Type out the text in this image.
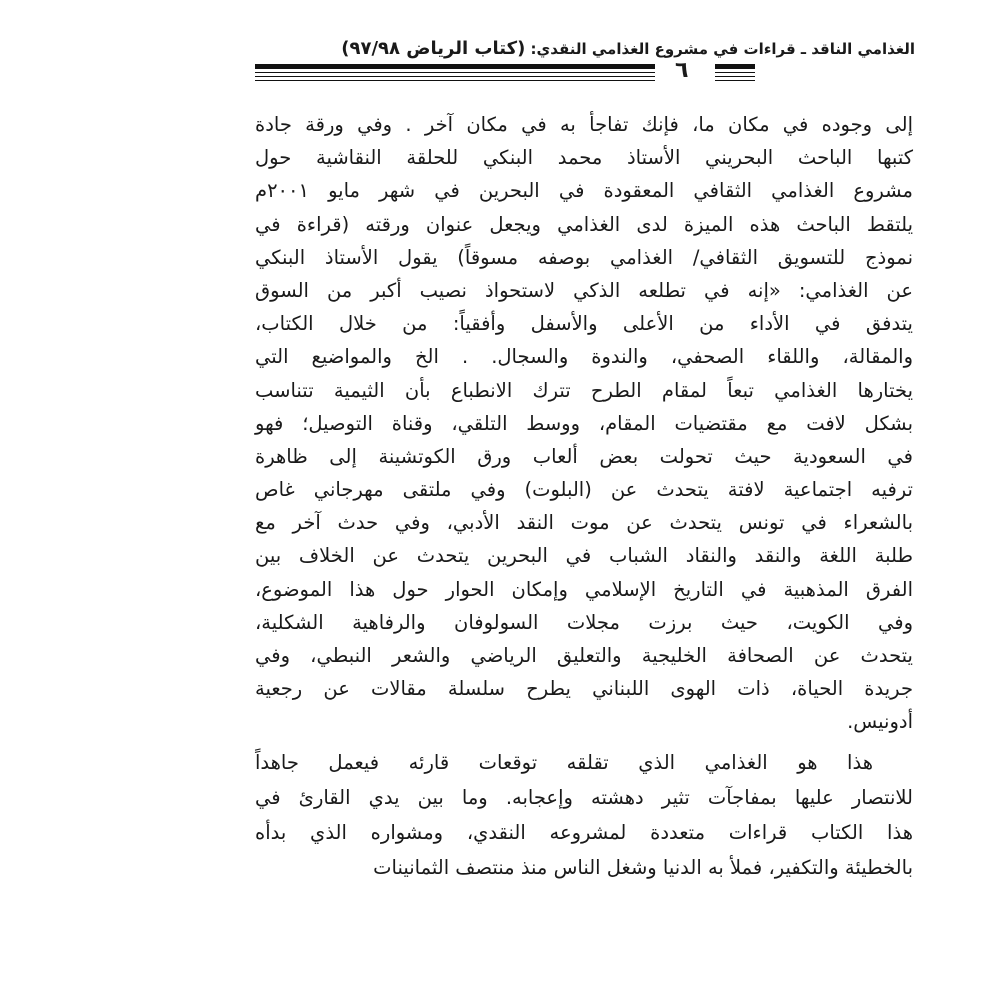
الغذامي الناقد ـ قراءات في مشروع الغذامي النقدي: (كتاب الرياض ٩٧/٩٨)
٦
إلى وجوده في مكان ما، فإنك تفاجأ به في مكان آخر . وفي ورقة جادة
كتبها الباحث البحريني الأستاذ محمد البنكي للحلقة النقاشية حول
مشروع الغذامي الثقافي المعقودة في البحرين في شهر مايو ٢٠٠١م
يلتقط الباحث هذه الميزة لدى الغذامي ويجعل عنوان ورقته (قراءة في
نموذج للتسويق الثقافي/ الغذامي بوصفه مسوقاً) يقول الأستاذ البنكي
عن الغذامي: «إنه في تطلعه الذكي لاستحواذ نصيب أكبر من السوق
يتدفق في الأداء من الأعلى والأسفل وأفقياً: من خلال الكتاب،
والمقالة، واللقاء الصحفي، والندوة والسجال. . الخ والمواضيع التي
يختارها الغذامي تبعاً لمقام الطرح تترك الانطباع بأن الثيمية تتناسب
بشكل لافت مع مقتضيات المقام، ووسط التلقي، وقناة التوصيل؛ فهو
في السعودية حيث تحولت بعض ألعاب ورق الكوتشينة إلى ظاهرة
ترفيه اجتماعية لافتة يتحدث عن (البلوت) وفي ملتقى مهرجاني غاص
بالشعراء في تونس يتحدث عن موت النقد الأدبي، وفي حدث آخر مع
طلبة اللغة والنقد والنقاد الشباب في البحرين يتحدث عن الخلاف بين
الفرق المذهبية في التاريخ الإسلامي وإمكان الحوار حول هذا الموضوع،
وفي الكويت، حيث برزت مجلات السولوفان والرفاهية الشكلية،
يتحدث عن الصحافة الخليجية والتعليق الرياضي والشعر النبطي، وفي
جريدة الحياة، ذات الهوى اللبناني يطرح سلسلة مقالات عن رجعية
أدونيس.
هذا هو الغذامي الذي تقلقه توقعات قارئه فيعمل جاهداً
للانتصار عليها بمفاجآت تثير دهشته وإعجابه. وما بين يدي القارئ في
هذا الكتاب قراءات متعددة لمشروعه النقدي، ومشواره الذي بدأه
بالخطيئة والتكفير، فملأ به الدنيا وشغل الناس منذ منتصف الثمانينات
